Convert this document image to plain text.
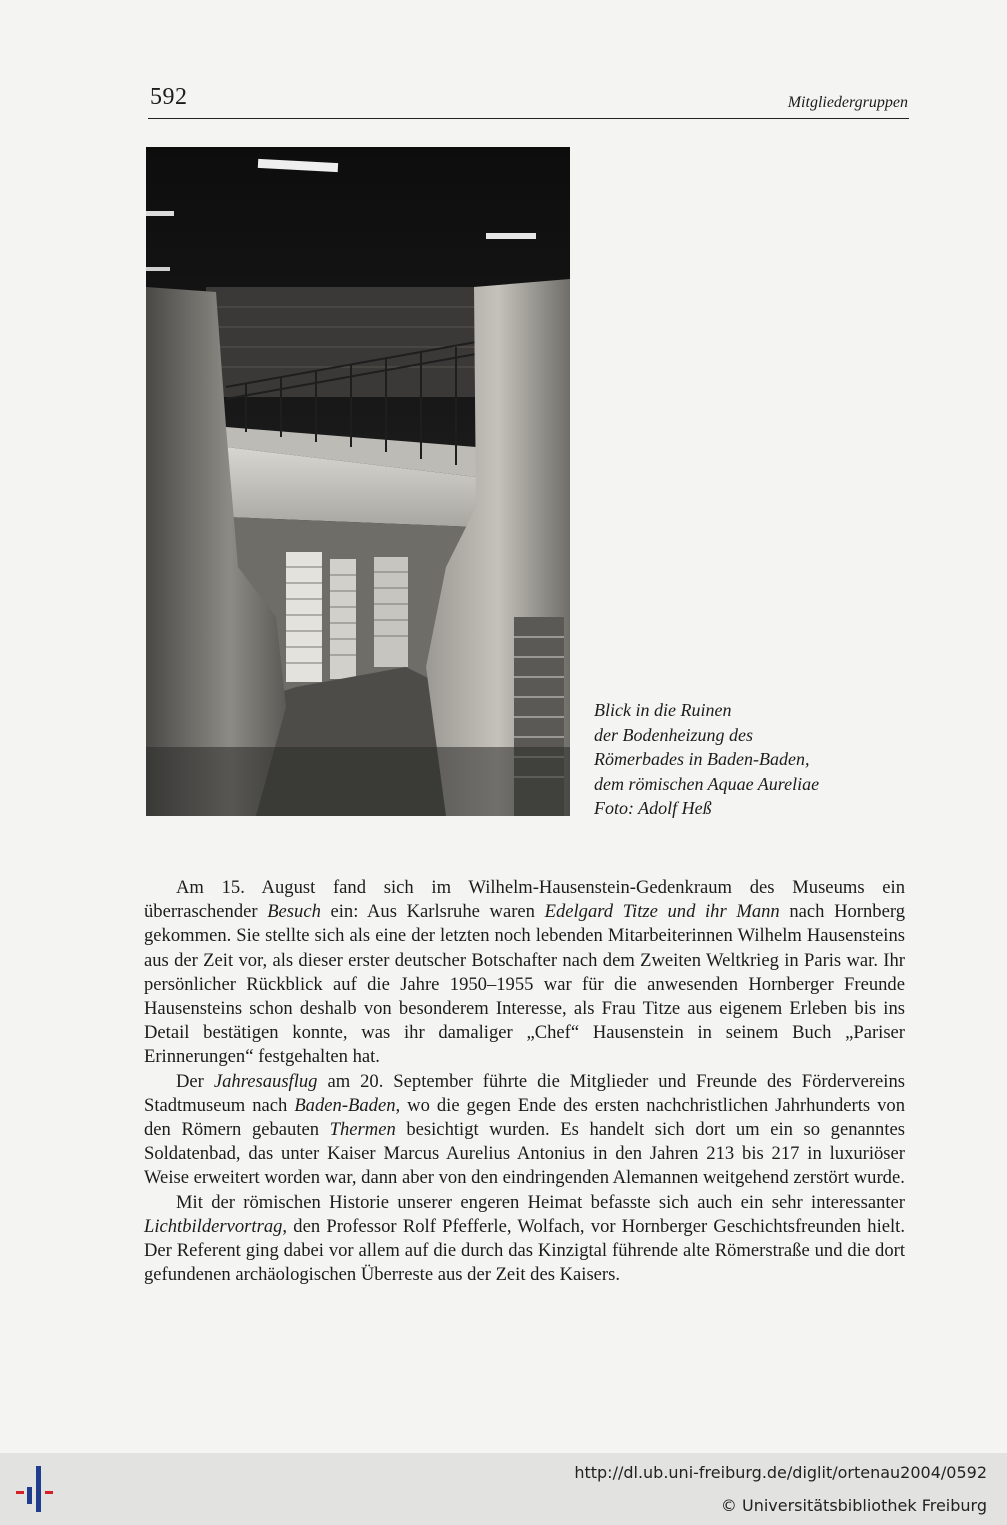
592	Mitgliedergruppen
Blick in die Ruinen
der Bodenheizung des
Römerbades in Baden-Baden,
dem römischen Aquae Aureliae
Foto: Adolf Heß

Am 15. August fand sich im Wilhelm-Hausenstein-Gedenkraum des Museums ein überraschender Besuch ein: Aus Karlsruhe waren Edelgard Titze und ihr Mann nach Hornberg gekommen. Sie stellte sich als eine der letzten noch lebenden Mitarbeiterinnen Wilhelm Hausensteins aus der Zeit vor, als dieser erster deutscher Botschafter nach dem Zweiten Weltkrieg in Paris war. Ihr persönlicher Rückblick auf die Jahre 1950–1955 war für die anwesenden Hornberger Freunde Hausensteins schon deshalb von besonderem Interesse, als Frau Titze aus eigenem Erleben bis ins Detail bestätigen konnte, was ihr damaliger „Chef“ Hausenstein in seinem Buch „Pariser Erinnerungen“ festgehalten hat.

Der Jahresausflug am 20. September führte die Mitglieder und Freunde des Fördervereins Stadtmuseum nach Baden-Baden, wo die gegen Ende des ersten nachchristlichen Jahrhunderts von den Römern gebauten Thermen besichtigt wurden. Es handelt sich dort um ein so genanntes Soldatenbad, das unter Kaiser Marcus Aurelius Antonius in den Jahren 213 bis 217 in luxuriöser Weise erweitert worden war, dann aber von den eindringenden Alemannen weitgehend zerstört wurde.

Mit der römischen Historie unserer engeren Heimat befasste sich auch ein sehr interessanter Lichtbildervortrag, den Professor Rolf Pfefferle, Wolfach, vor Hornberger Geschichtsfreunden hielt. Der Referent ging dabei vor allem auf die durch das Kinzigtal führende alte Römerstraße und die dort gefundenen archäologischen Überreste aus der Zeit des Kaisers.

http://dl.ub.uni-freiburg.de/diglit/ortenau2004/0592
© Universitätsbibliothek Freiburg
